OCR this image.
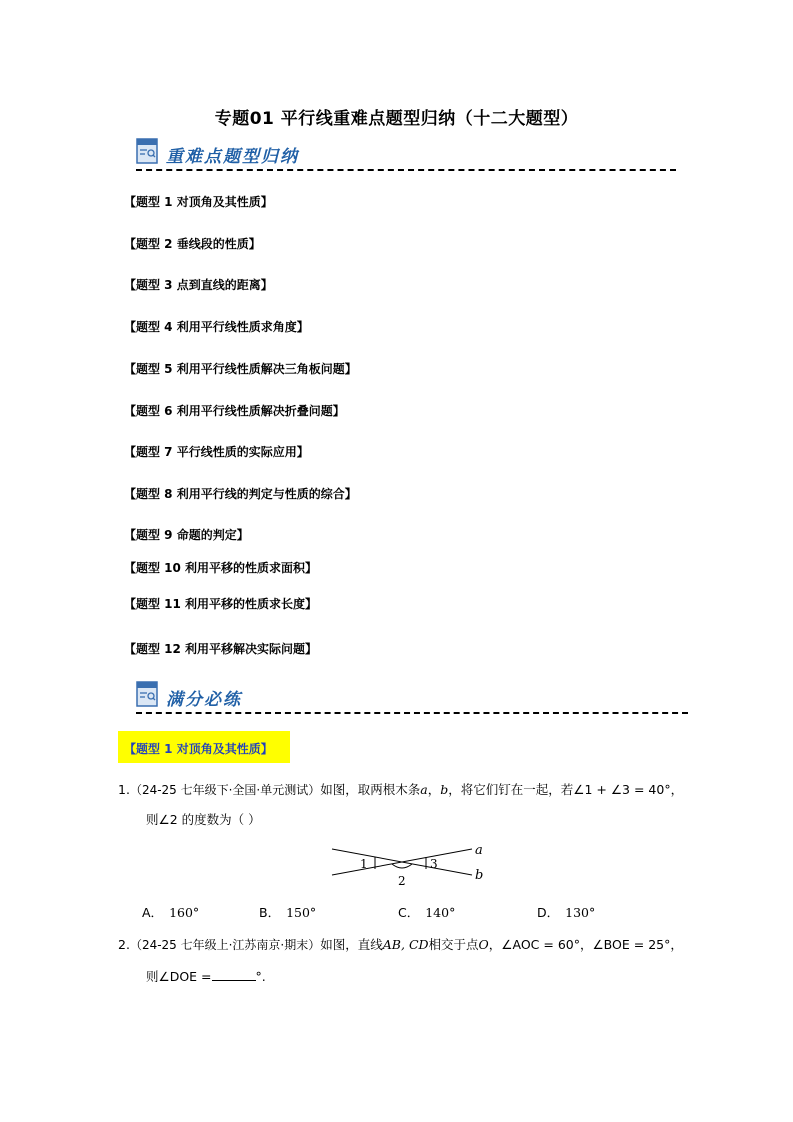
专题01 平行线重难点题型归纳（十二大题型）
重难点题型归纳
【题型 1 对顶角及其性质】
【题型 2 垂线段的性质】
【题型 3 点到直线的距离】
【题型 4 利用平行线性质求角度】
【题型 5 利用平行线性质解决三角板问题】
【题型 6 利用平行线性质解决折叠问题】
【题型 7 平行线性质的实际应用】
【题型 8 利用平行线的判定与性质的综合】
【题型 9 命题的判定】
【题型 10 利用平移的性质求面积】
【题型 11 利用平移的性质求长度】
【题型 12 利用平移解决实际问题】
满分必练
【题型 1 对顶角及其性质】
1.（24-25 七年级下·全国·单元测试）如图，取两根木条a，b，将它们钉在一起，若∠1 + ∠3 = 40°，
则∠2 的度数为（ ）
1	3
2
a
b
A． 160°	B． 150°	C． 140°	D． 130°
2.（24-25 七年级上·江苏南京·期末）如图，直线AB, CD相交于点O，∠AOC = 60°，∠BOE = 25°，
则∠DOE =	°.
